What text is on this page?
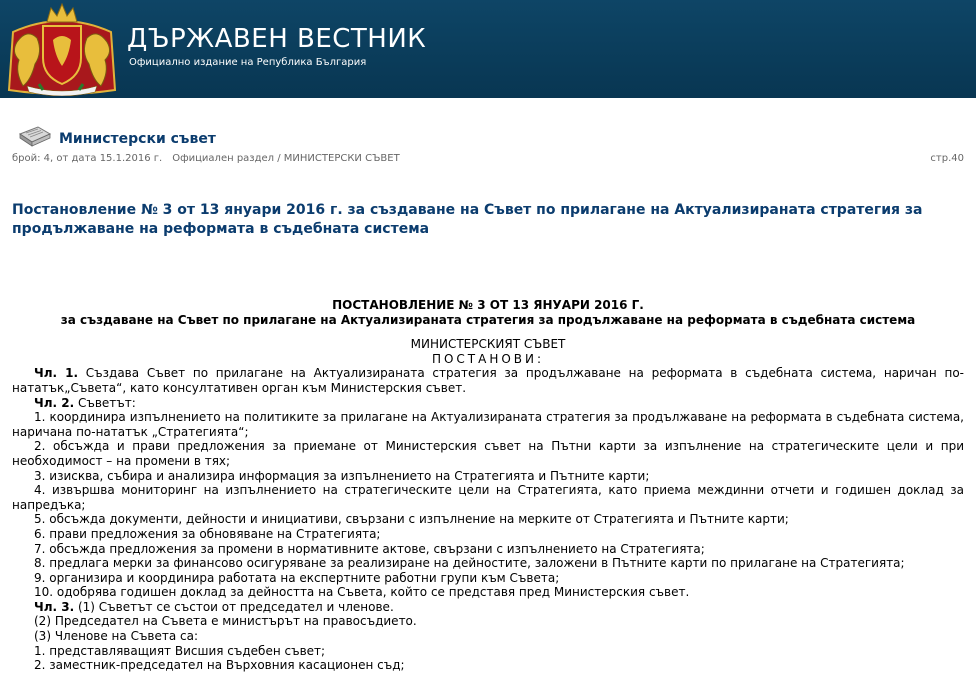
ДЪРЖАВЕН ВЕСТНИК
Официално издание на Република България
Министерски съвет
брой: 4, от дата 15.1.2016 г. Официален раздел / МИНИСТЕРСКИ СЪВЕТ	стр.40
Постановление № 3 от 13 януари 2016 г. за създаване на Съвет по прилагане на Актуализираната стратегия за продължаване на реформата в съдебната система
ПОСТАНОВЛЕНИЕ № 3 ОТ 13 ЯНУАРИ 2016 Г.
за създаване на Съвет по прилагане на Актуализираната стратегия за продължаване на реформата в съдебната система
МИНИСТЕРСКИЯТ СЪВЕТ
ПОСТАНОВИ:

Чл. 1. Създава Съвет по прилагане на Актуализираната стратегия за продължаване на реформата в съдебната система, наричан по-нататък„Съвета“, като консултативен орган към Министерския съвет.

Чл. 2. Съветът:

1. координира изпълнението на политиките за прилагане на Актуализираната стратегия за продължаване на реформата в съдебната система, наричана по-нататък „Стратегията“;

2. обсъжда и прави предложения за приемане от Министерския съвет на Пътни карти за изпълнение на стратегическите цели и при необходимост – на промени в тях;

3. изисква, събира и анализира информация за изпълнението на Стратегията и Пътните карти;

4. извършва мониторинг на изпълнението на стратегическите цели на Стратегията, като приема междинни отчети и годишен доклад за напредъка;

5. обсъжда документи, дейности и инициативи, свързани с изпълнение на мерките от Стратегията и Пътните карти;

6. прави предложения за обновяване на Стратегията;

7. обсъжда предложения за промени в нормативните актове, свързани с изпълнението на Стратегията;

8. предлага мерки за финансово осигуряване за реализиране на дейностите, заложени в Пътните карти по прилагане на Стратегията;

9. организира и координира работата на експертните работни групи към Съвета;

10. одобрява годишен доклад за дейността на Съвета, който се представя пред Министерския съвет.

Чл. 3. (1) Съветът се състои от председател и членове.

(2) Председател на Съвета е министърът на правосъдието.

(3) Членове на Съвета са:

1. представляващият Висшия съдебен съвет;

2. заместник-председател на Върховния касационен съд;
